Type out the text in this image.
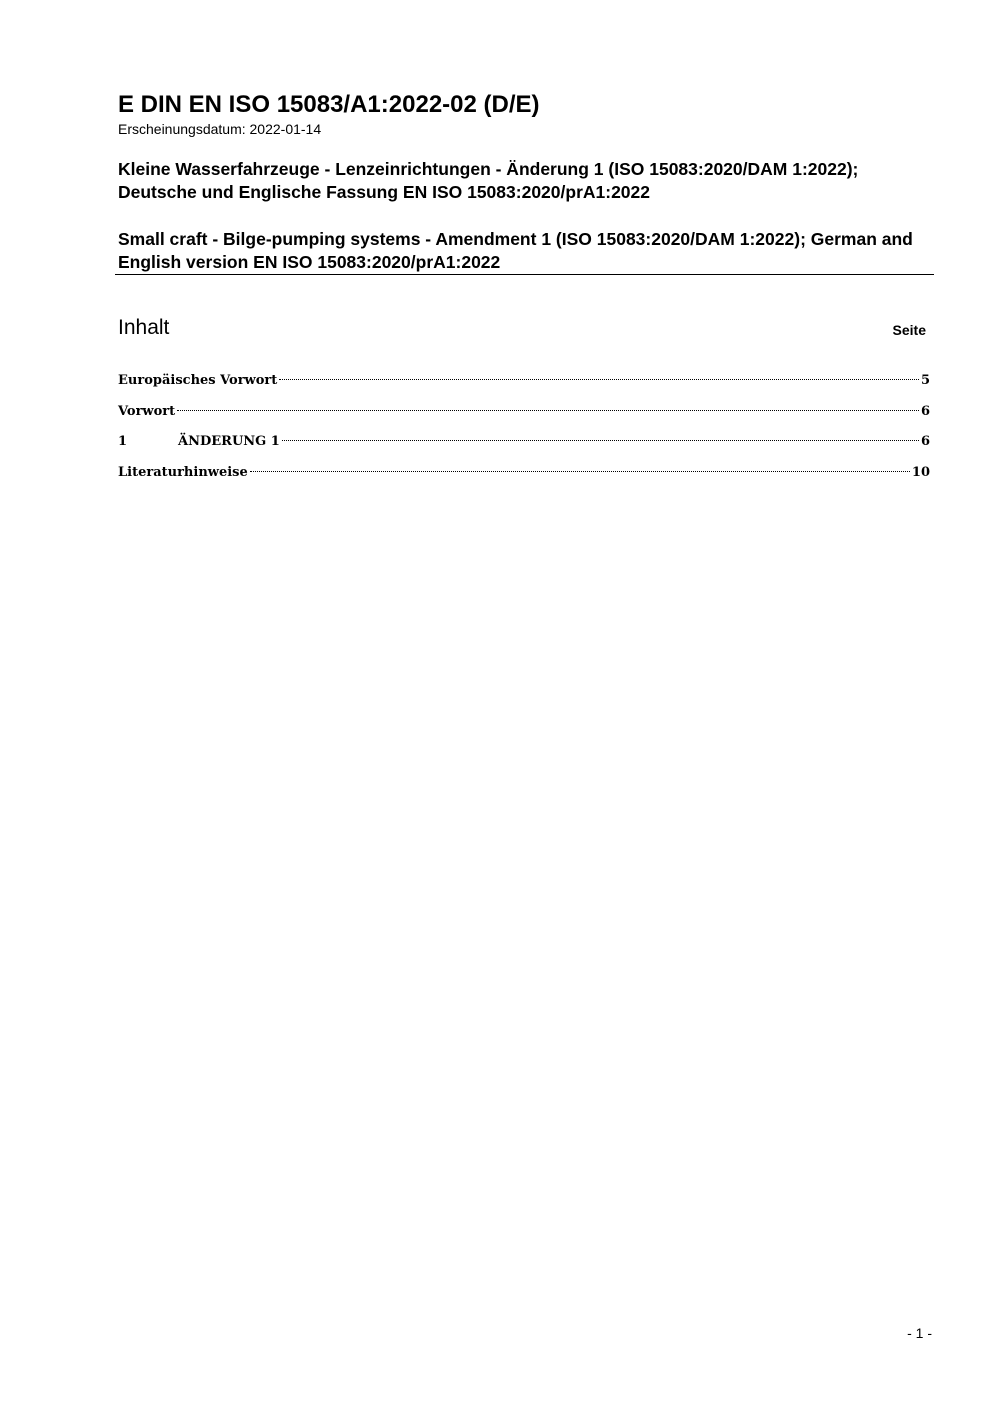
E DIN EN ISO 15083/A1:2022-02 (D/E)

Erscheinungsdatum: 2022-01-14

Kleine Wasserfahrzeuge - Lenzeinrichtungen - Änderung 1 (ISO 15083:2020/DAM 1:2022); Deutsche und Englische Fassung EN ISO 15083:2020/prA1:2022

Small craft - Bilge-pumping systems - Amendment 1 (ISO 15083:2020/DAM 1:2022); German and English version EN ISO 15083:2020/prA1:2022

Inhalt	Seite
Europäisches Vorwort	5
Vorwort	6
1	ÄNDERUNG 1	6
Literaturhinweise	10
- 1 -
